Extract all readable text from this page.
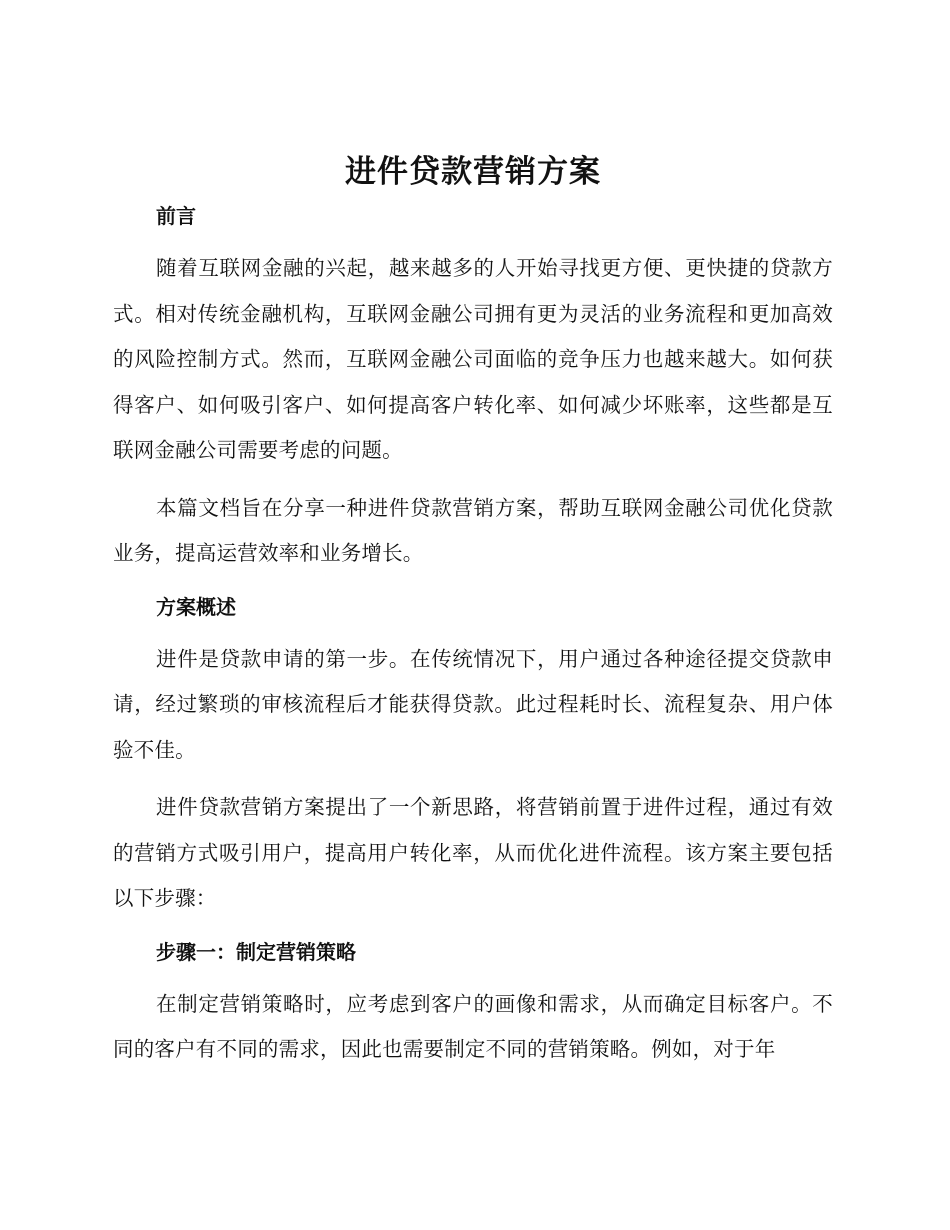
进件贷款营销方案
前言

随着互联网金融的兴起，越来越多的人开始寻找更方便、更快捷的贷款方式。相对传统金融机构，互联网金融公司拥有更为灵活的业务流程和更加高效的风险控制方式。然而，互联网金融公司面临的竞争压力也越来越大。如何获得客户、如何吸引客户、如何提高客户转化率、如何减少坏账率，这些都是互联网金融公司需要考虑的问题。

本篇文档旨在分享一种进件贷款营销方案，帮助互联网金融公司优化贷款业务，提高运营效率和业务增长。

方案概述

进件是贷款申请的第一步。在传统情况下，用户通过各种途径提交贷款申请，经过繁琐的审核流程后才能获得贷款。此过程耗时长、流程复杂、用户体验不佳。

进件贷款营销方案提出了一个新思路，将营销前置于进件过程，通过有效的营销方式吸引用户，提高用户转化率，从而优化进件流程。该方案主要包括以下步骤：

步骤一：制定营销策略

在制定营销策略时，应考虑到客户的画像和需求，从而确定目标客户。不同的客户有不同的需求，因此也需要制定不同的营销策略。例如，对于年
